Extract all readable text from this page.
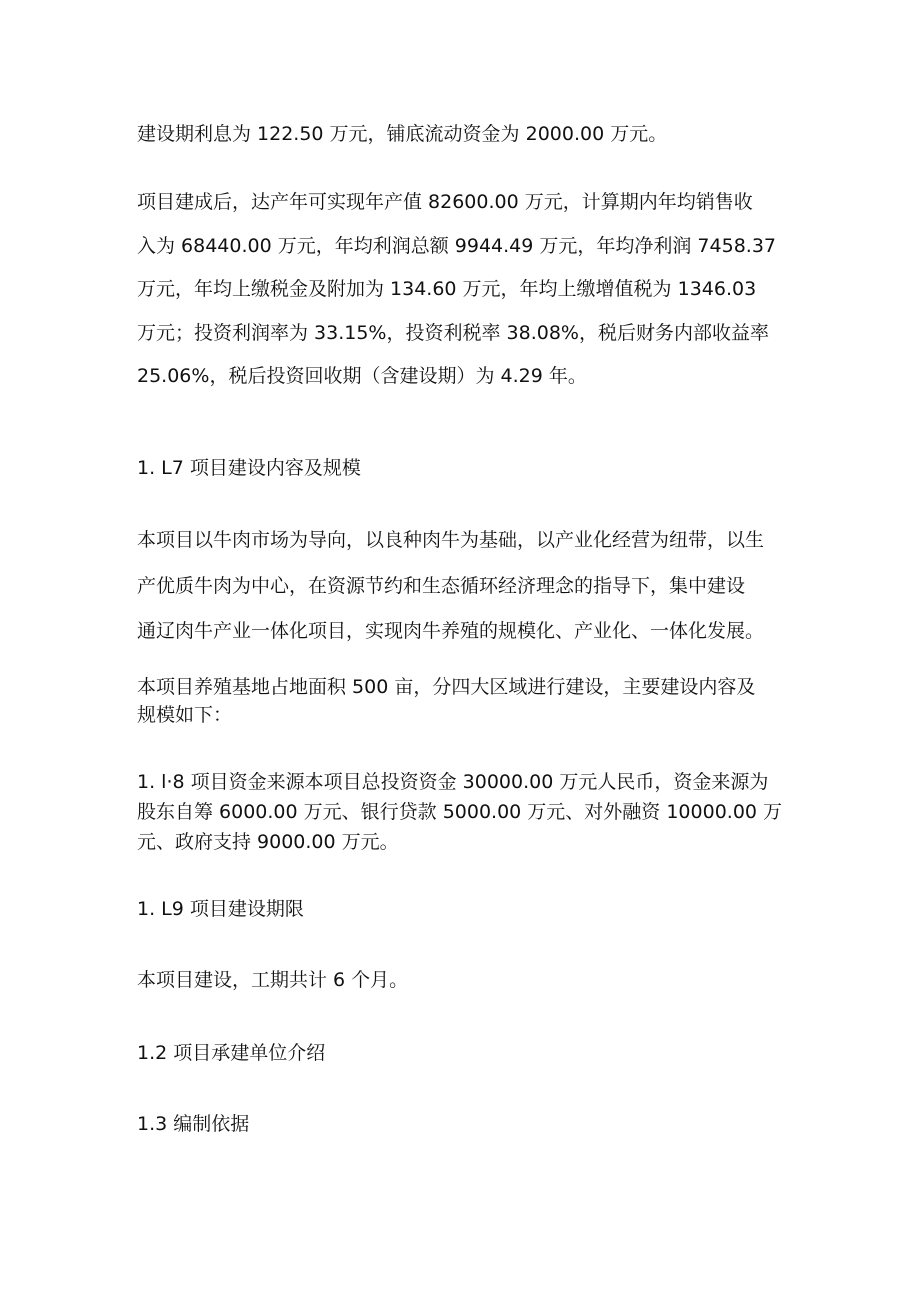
建设期利息为 122.50 万元，铺底流动资金为 2000.00 万元。
项目建成后，达产年可实现年产值 82600.00 万元，计算期内年均销售收
入为 68440.00 万元，年均利润总额 9944.49 万元，年均净利润 7458.37
万元，年均上缴税金及附加为 134.60 万元，年均上缴增值税为 1346.03
万元；投资利润率为 33.15%，投资利税率 38.08%，税后财务内部收益率
25.06%，税后投资回收期（含建设期）为 4.29 年。
1. L7 项目建设内容及规模
本项目以牛肉市场为导向，以良种肉牛为基础，以产业化经营为纽带，以生
产优质牛肉为中心，在资源节约和生态循环经济理念的指导下，集中建设
通辽肉牛产业一体化项目，实现肉牛养殖的规模化、产业化、一体化发展。
本项目养殖基地占地面积 500 亩，分四大区域进行建设，主要建设内容及
规模如下：
1. l·8 项目资金来源本项目总投资资金 30000.00 万元人民币，资金来源为
股东自筹 6000.00 万元、银行贷款 5000.00 万元、对外融资 10000.00 万
元、政府支持 9000.00 万元。
1. L9 项目建设期限
本项目建设，工期共计 6 个月。
1.2 项目承建单位介绍
1.3 编制依据
